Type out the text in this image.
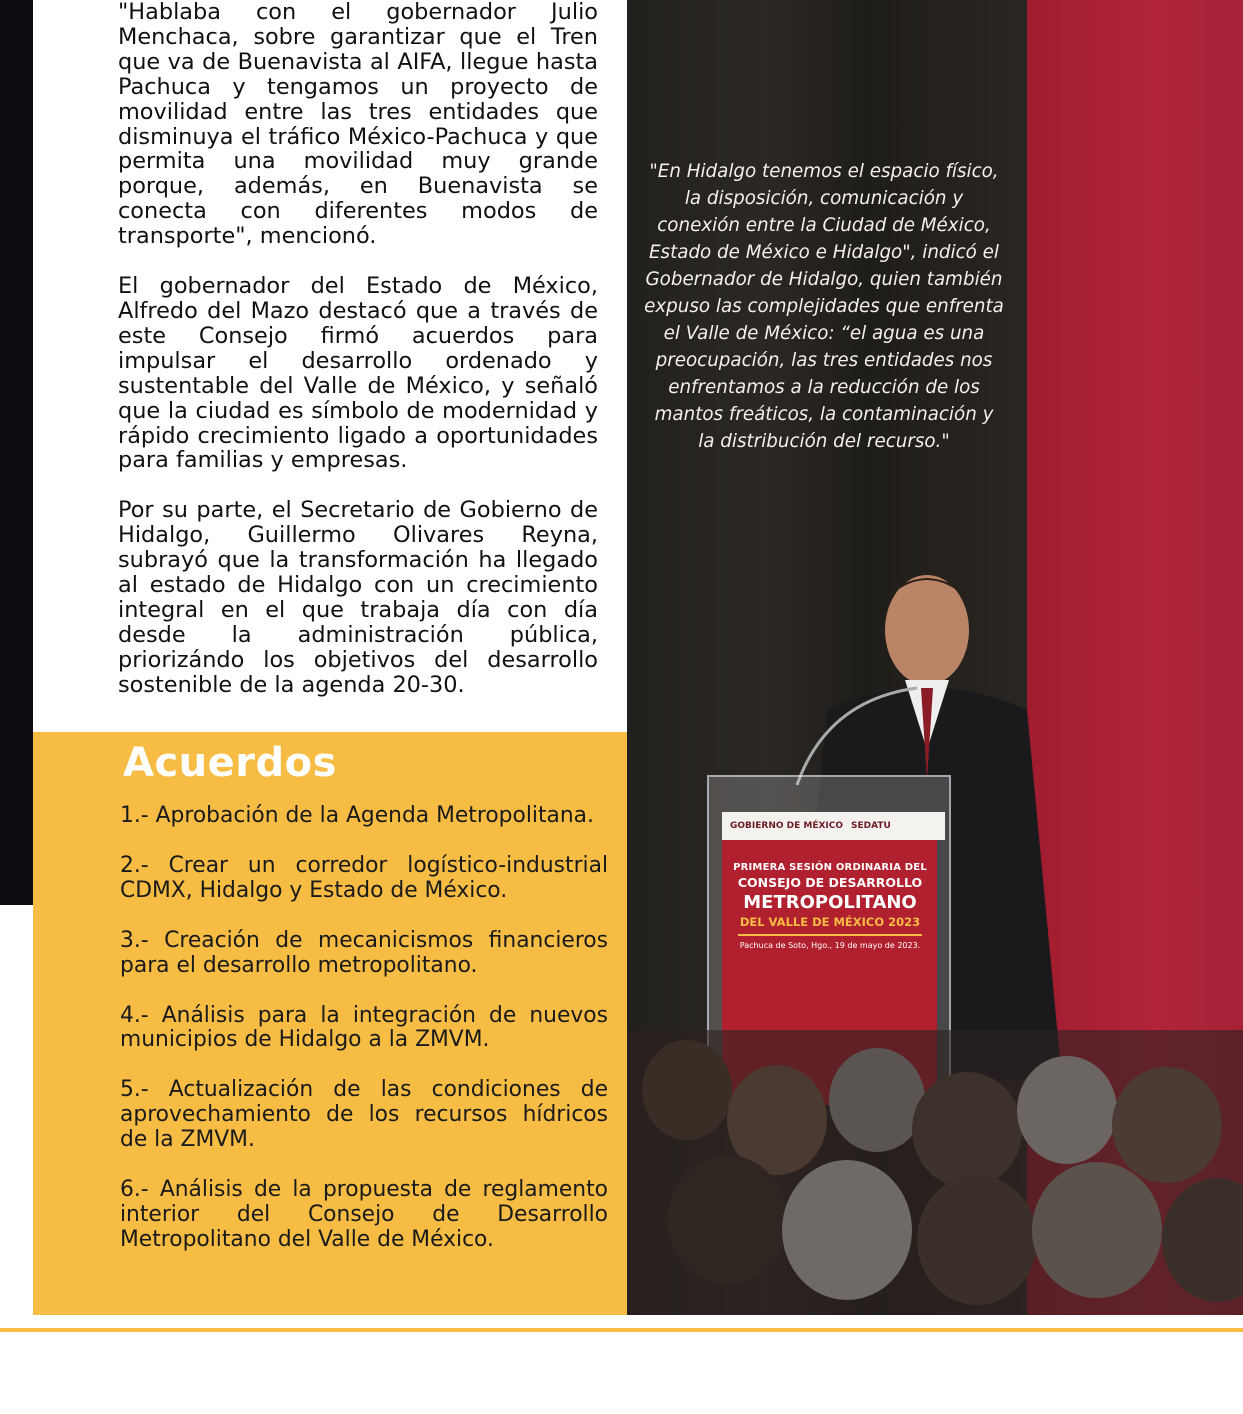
"Hablaba con el gobernador Julio Menchaca, sobre garantizar que el Tren que va de Buenavista al AIFA, llegue hasta Pachuca y tengamos un proyecto de movilidad entre las tres entidades que disminuya el tráfico México-Pachuca y que permita una movilidad muy grande porque, además, en Buenavista se conecta con diferentes modos de transporte", mencionó.

El gobernador del Estado de México, Alfredo del Mazo destacó que a través de este Consejo firmó acuerdos para impulsar el desarrollo ordenado y sustentable del Valle de México, y señaló que la ciudad es símbolo de modernidad y rápido crecimiento ligado a oportunidades para familias y empresas.

Por su parte, el Secretario de Gobierno de Hidalgo, Guillermo Olivares Reyna, subrayó que la transformación ha llegado al estado de Hidalgo con un crecimiento integral en el que trabaja día con día desde la administración pública, priorizándo los objetivos del desarrollo sostenible de la agenda 20-30.

Acuerdos
1.- Aprobación de la Agenda Metropolitana.
2.- Crear un corredor logístico-industrial CDMX, Hidalgo y Estado de México.
3.- Creación de mecanicismos financieros para el desarrollo metropolitano.
4.- Análisis para la integración de nuevos municipios de Hidalgo a la ZMVM.
5.- Actualización de las condiciones de aprovechamiento de los recursos hídricos de la ZMVM.
6.- Análisis de la propuesta de reglamento interior del Consejo de Desarrollo Metropolitano del Valle de México.
"En Hidalgo tenemos el espacio físico, la disposición, comunicación y conexión entre la Ciudad de México, Estado de México e Hidalgo", indicó el Gobernador de Hidalgo, quien también expuso las complejidades que enfrenta el Valle de México: “el agua es una preocupación, las tres entidades nos enfrentamos a la reducción de los mantos freáticos, la contaminación y la distribución del recurso."
GOBIERNO DE MÉXICO SEDATU
PRIMERA SESIÓN ORDINARIA DEL
CONSEJO DE DESARROLLO
METROPOLITANO
DEL VALLE DE MÉXICO 2023
Pachuca de Soto, Hgo., 19 de mayo de 2023.
